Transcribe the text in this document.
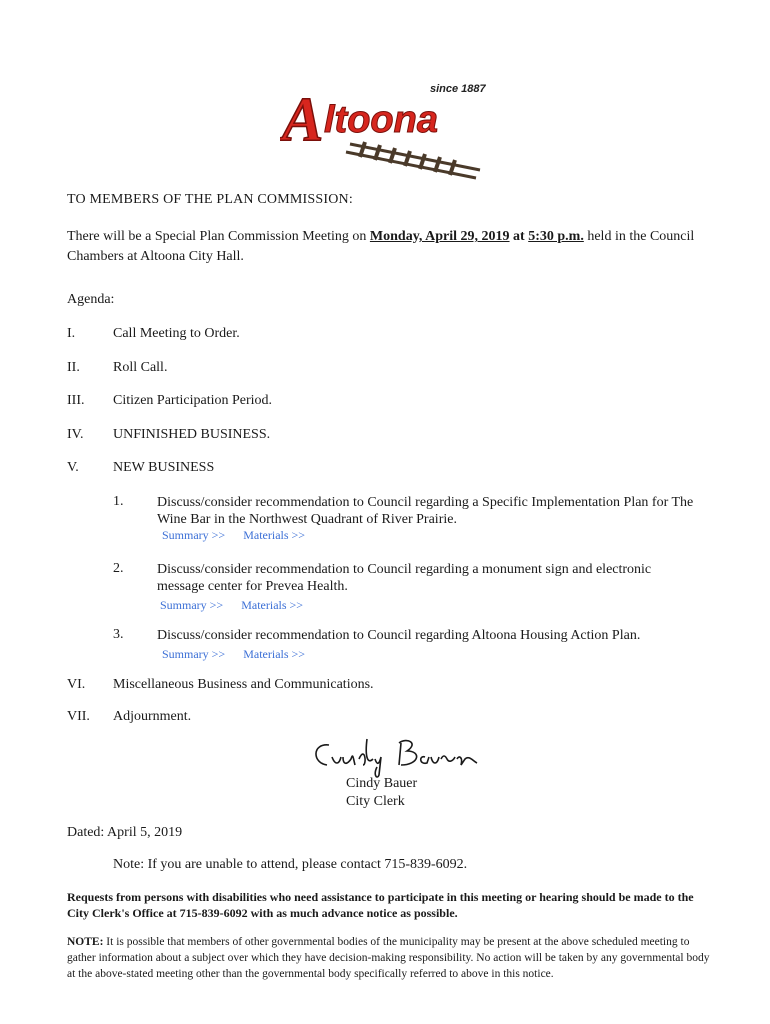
since 1887
A ltoona
TO MEMBERS OF THE PLAN COMMISSION:
There will be a Special Plan Commission Meeting on Monday, April 29, 2019 at 5:30 p.m. held in the Council Chambers at Altoona City Hall.
Agenda:
I.	Call Meeting to Order.
II. Roll Call.
III. Citizen Participation Period.
IV. UNFINISHED BUSINESS.
V. NEW BUSINESS
1. Discuss/consider recommendation to Council regarding a Specific Implementation Plan for The Wine Bar in the Northwest Quadrant of River Prairie.
Summary >> Materials >>
2. Discuss/consider recommendation to Council regarding a monument sign and electronic message center for Prevea Health.
Summary >> Materials >>
3. Discuss/consider recommendation to Council regarding Altoona Housing Action Plan.
Summary >> Materials >>
VI. Miscellaneous Business and Communications.
VII. Adjournment.
Cindy Bauer
City Clerk
Dated: April 5, 2019
Note: If you are unable to attend, please contact 715-839-6092.
Requests from persons with disabilities who need assistance to participate in this meeting or hearing should be made to the City Clerk's Office at 715-839-6092 with as much advance notice as possible.
NOTE: It is possible that members of other governmental bodies of the municipality may be present at the above scheduled meeting to gather information about a subject over which they have decision-making responsibility. No action will be taken by any governmental body at the above-stated meeting other than the governmental body specifically referred to above in this notice.
